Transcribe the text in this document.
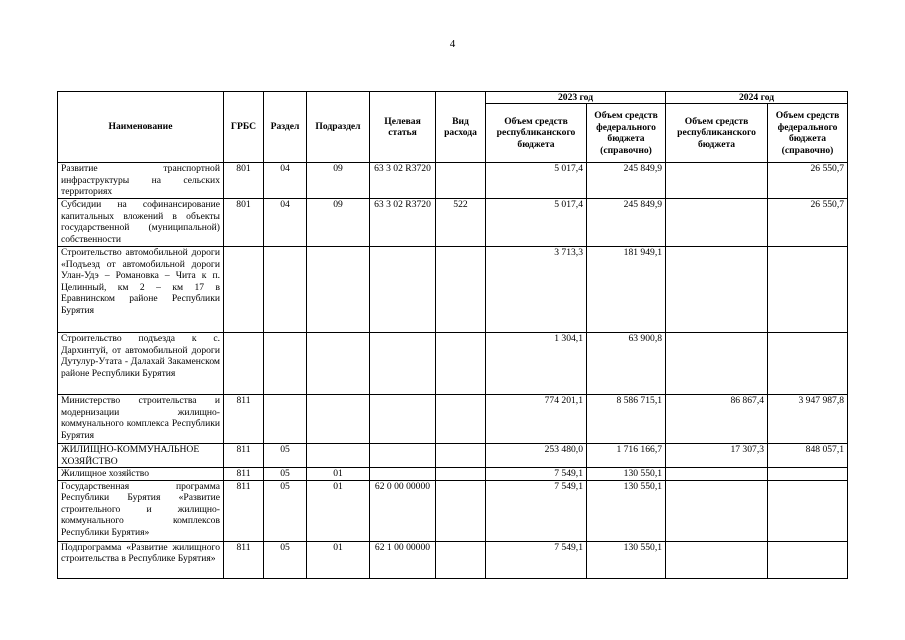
4
Наименование	ГРБС	Раздел	Подраздел	Целевая статья	Вид расхода	2023 год		2024 год	
						Объем средств республиканского бюджета	Объем средств федерального бюджета (справочно)	Объем средств республиканского бюджета	Объем средств федерального бюджета (справочно)
Развитие транспортной инфраструктуры на сельских территориях	801	04	09	63 3 02 R3720		5 017,4	245 849,9		26 550,7
Субсидии на софинансирование капитальных вложений в объекты государственной (муниципальной) собственности	801	04	09	63 3 02 R3720	522	5 017,4	245 849,9		26 550,7
Строительство автомобильной дороги «Подъезд от автомобильной дороги Улан-Удэ – Романовка – Чита к п. Целинный, км 2 – км 17 в Еравнинском районе Республики Бурятия						3 713,3	181 949,1		
Строительство подъезда к с. Дархинтуй, от автомобильной дороги Дутулур-Утата - Далахай Закаменском районе Республики Бурятия						1 304,1	63 900,8		
Министерство строительства и модернизации жилищно-коммунального комплекса Республики Бурятия	811					774 201,1	8 586 715,1	86 867,4	3 947 987,8
ЖИЛИЩНО-КОММУНАЛЬНОЕ ХОЗЯЙСТВО	811	05				253 480,0	1 716 166,7	17 307,3	848 057,1
Жилищное хозяйство	811	05	01			7 549,1	130 550,1		
Государственная программа Республики Бурятия «Развитие строительного и жилищно-коммунального комплексов Республики Бурятия»	811	05	01	62 0 00 00000		7 549,1	130 550,1		
Подпрограмма «Развитие жилищного строительства в Республике Бурятия»	811	05	01	62 1 00 00000		7 549,1	130 550,1		
